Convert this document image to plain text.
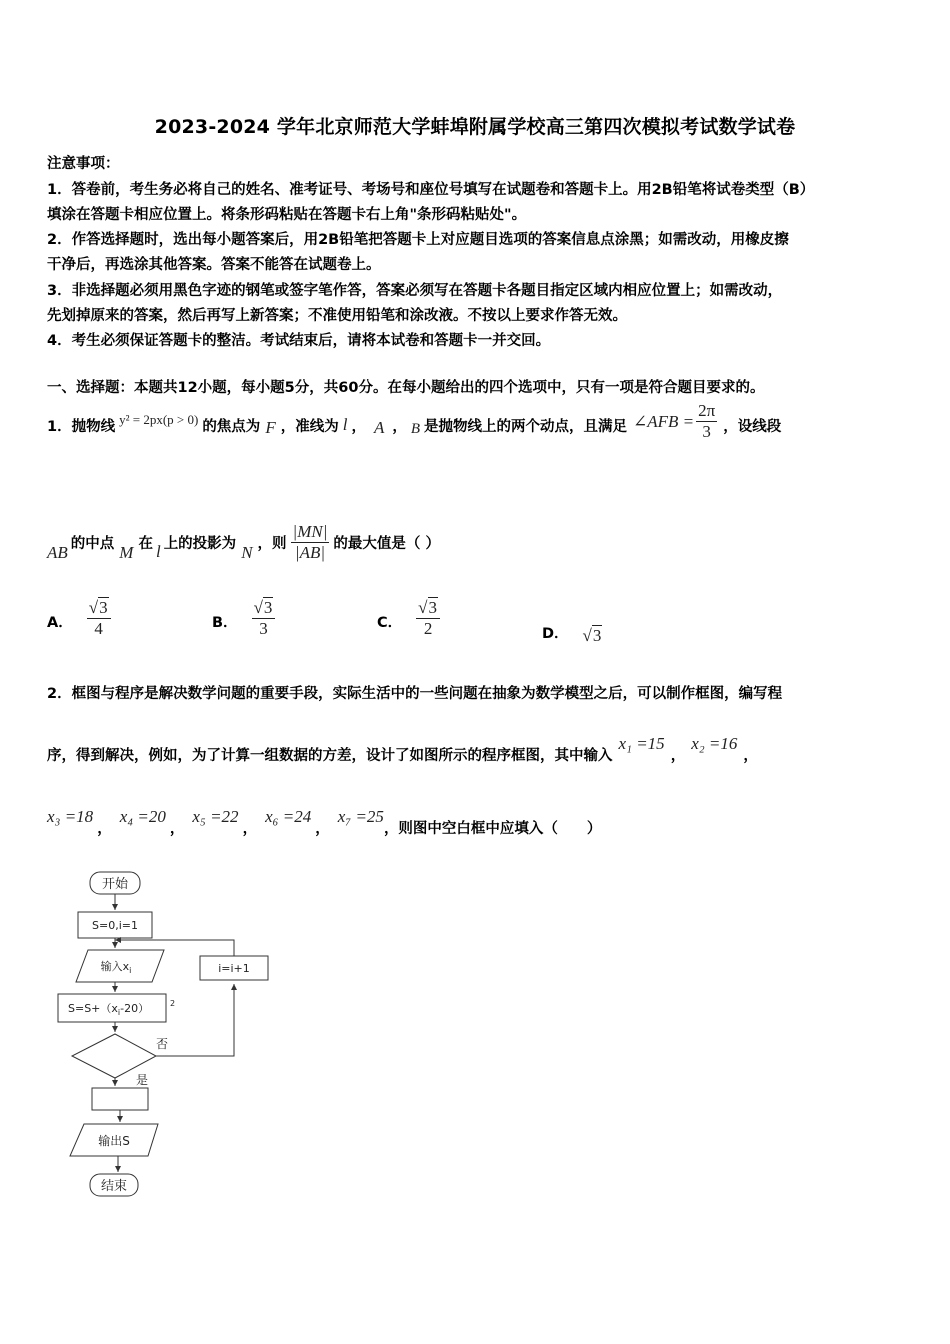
2023-2024 学年北京师范大学蚌埠附属学校高三第四次模拟考试数学试卷
注意事项：
1．答卷前，考生务必将自己的姓名、准考证号、考场号和座位号填写在试题卷和答题卡上。用2B铅笔将试卷类型（B）
填涂在答题卡相应位置上。将条形码粘贴在答题卡右上角"条形码粘贴处"。
2．作答选择题时，选出每小题答案后，用2B铅笔把答题卡上对应题目选项的答案信息点涂黑；如需改动，用橡皮擦
干净后，再选涂其他答案。答案不能答在试题卷上。
3．非选择题必须用黑色字迹的钢笔或签字笔作答，答案必须写在答题卡各题目指定区域内相应位置上；如需改动，
先划掉原来的答案，然后再写上新答案；不准使用铅笔和涂改液。不按以上要求作答无效。
4．考生必须保证答题卡的整洁。考试结束后，请将本试卷和答题卡一并交回。
一、选择题：本题共12小题，每小题5分，共60分。在每小题给出的四个选项中，只有一项是符合题目要求的。
1．抛物线 y² = 2px(p > 0) 的焦点为 F ，准线为 l ， A ， B 是抛物线上的两个动点，且满足 ∠AFB = $\frac{2\pi}{3}$ ，设线段
AB 的中点 M 在 l 上的投影为 N ，则 $\frac{|MN|}{|AB|}$ 的最大值是（ ）
A． $\frac{√3}{4}$	B． $\frac{√3}{3}$	C． $\frac{√3}{2}$	D． √3
2．框图与程序是解决数学问题的重要手段，实际生活中的一些问题在抽象为数学模型之后，可以制作框图，编写程
序，得到解决，例如，为了计算一组数据的方差，设计了如图所示的程序框图，其中输入
x₁ =15
，
x₂ =16
，
x₃ =18
，
x₄ =20
，
x₅ =22
，
x₆ =24
，
x₇ =25
，则图中空白框中应填入（　　）
开始
S=0,i=1
输入$x_i$
$S=S+(x_i-20)$	2
i=i+1
否
是
输出S
结束
